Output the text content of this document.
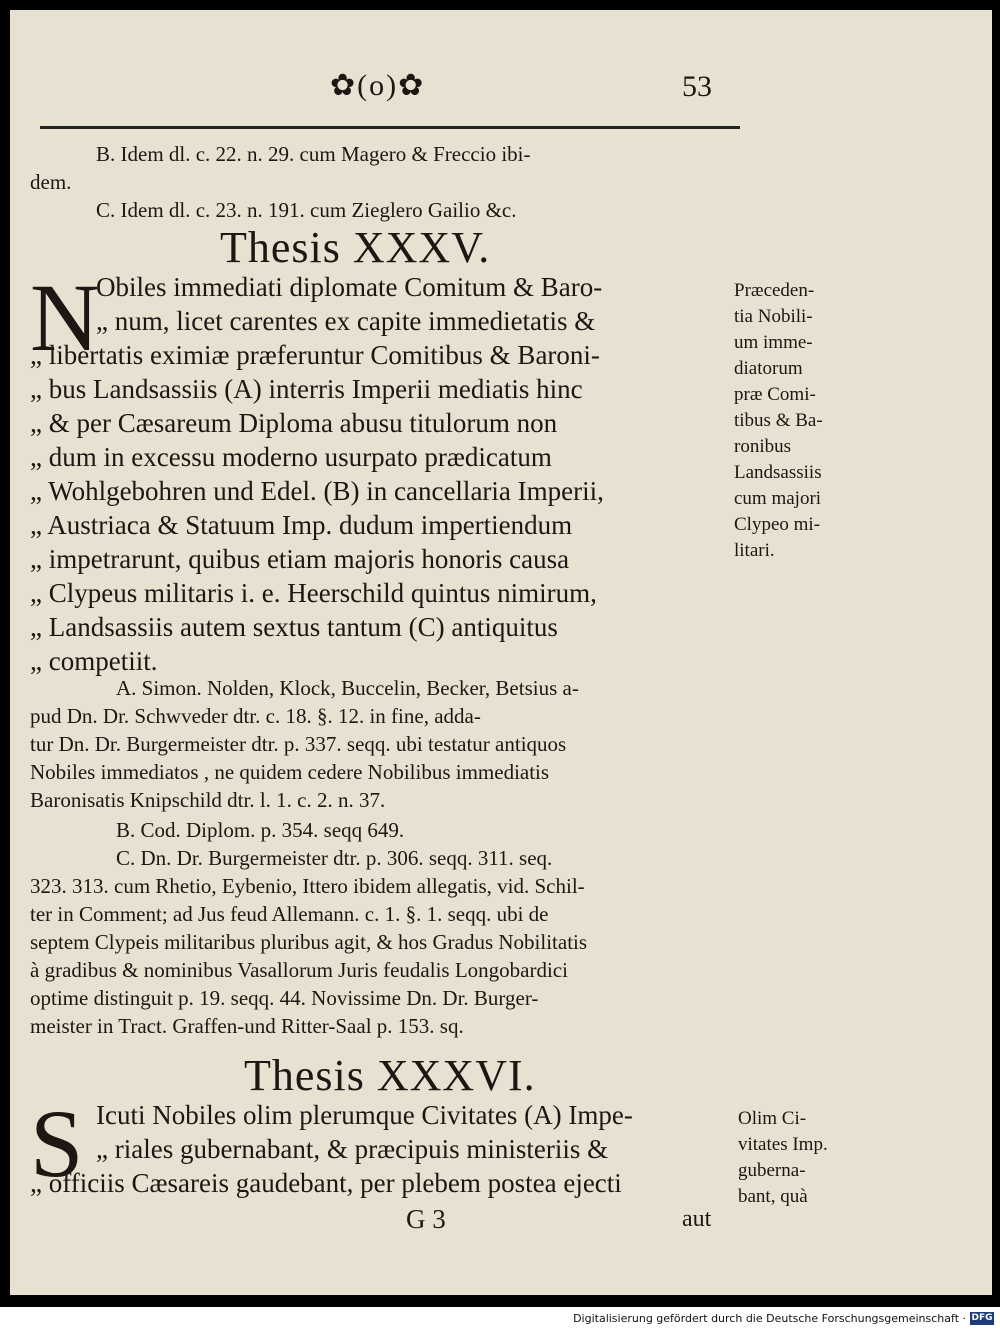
✿(o)✿	53
B. Idem dl. c. 22. n. 29. cum Magero & Freccio ibi-
dem.
C. Idem dl. c. 23. n. 191. cum Zieglero Gailio &c.
Thesis XXXV.
N
Obiles immediati diplomate Comitum & Baro-
„ num, licet carentes ex capite immedietatis &
„ libertatis eximiæ præferuntur Comitibus & Baroni-
„ bus Landsassiis (A) interris Imperii mediatis hinc
„ & per Cæsareum Diploma abusu titulorum non
„ dum in excessu moderno usurpato prædicatum
„ Wohlgebohren und Edel. (B) in cancellaria Imperii,
„ Austriaca & Statuum Imp. dudum impertiendum
„ impetrarunt, quibus etiam majoris honoris causa
„ Clypeus militaris i. e. Heerschild quintus nimirum,
„ Landsassiis autem sextus tantum (C) antiquitus
„ competiit.
Præceden-
tia Nobili-
um imme-
diatorum
præ Comi-
tibus & Ba-
ronibus
Landsassiis
cum majori
Clypeo mi-
litari.
A. Simon. Nolden, Klock, Buccelin, Becker, Betsius a-
pud Dn. Dr. Schwveder dtr. c. 18. §. 12. in fine, adda-
tur Dn. Dr. Burgermeister dtr. p. 337. seqq. ubi testatur antiquos
Nobiles immediatos , ne quidem cedere Nobilibus immediatis
Baronisatis Knipschild dtr. l. 1. c. 2. n. 37.
B. Cod. Diplom. p. 354. seqq 649.
C. Dn. Dr. Burgermeister dtr. p. 306. seqq. 311. seq.
323. 313. cum Rhetio, Eybenio, Ittero ibidem allegatis, vid. Schil-
ter in Comment; ad Jus feud Allemann. c. 1. §. 1. seqq. ubi de
septem Clypeis militaribus pluribus agit, & hos Gradus Nobilitatis
à gradibus & nominibus Vasallorum Juris feudalis Longobardici
optime distinguit p. 19. seqq. 44. Novissime Dn. Dr. Burger-
meister in Tract. Graffen-und Ritter-Saal p. 153. sq.
Thesis XXXVI.
S Icuti Nobiles olim plerumque Civitates (A) Impe-
„ riales gubernabant, & præcipuis ministeriis &
„ officiis Cæsareis gaudebant, per plebem postea ejecti
Olim Ci-
vitates Imp.
guberna-
bant, quà
G 3	aut
Digitalisierung gefördert durch die Deutsche Forschungsgemeinschaft · DFG
